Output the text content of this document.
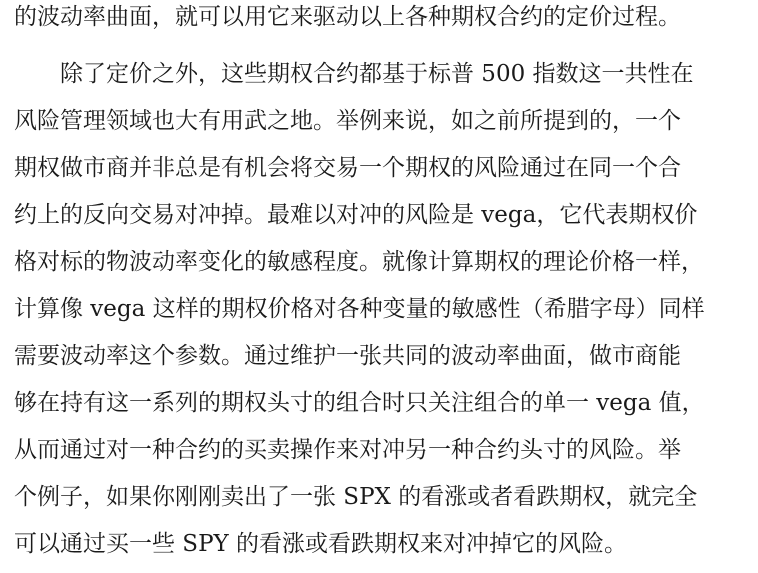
的波动率曲面，就可以用它来驱动以上各种期权合约的定价过程。
除了定价之外，这些期权合约都基于标普 500 指数这一共性在
风险管理领域也大有用武之地。举例来说，如之前所提到的，一个
期权做市商并非总是有机会将交易一个期权的风险通过在同一个合
约上的反向交易对冲掉。最难以对冲的风险是 vega，它代表期权价
格对标的物波动率变化的敏感程度。就像计算期权的理论价格一样，
计算像 vega 这样的期权价格对各种变量的敏感性（希腊字母）同样
需要波动率这个参数。通过维护一张共同的波动率曲面，做市商能
够在持有这一系列的期权头寸的组合时只关注组合的单一 vega 值，
从而通过对一种合约的买卖操作来对冲另一种合约头寸的风险。举
个例子，如果你刚刚卖出了一张 SPX 的看涨或者看跌期权，就完全
可以通过买一些 SPY 的看涨或看跌期权来对冲掉它的风险。
